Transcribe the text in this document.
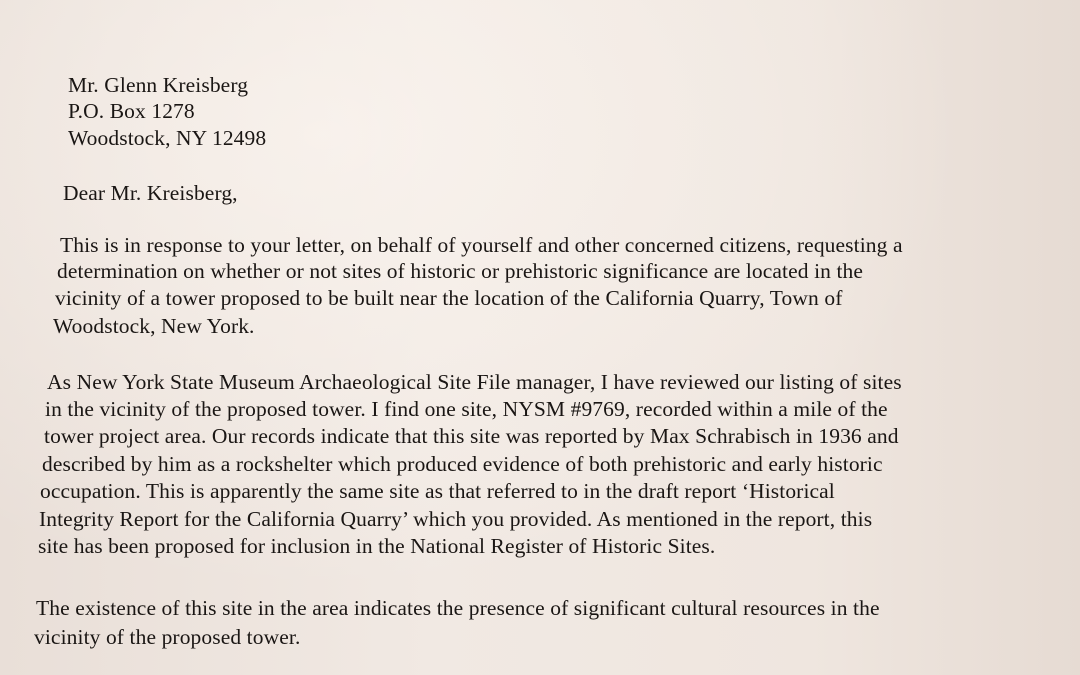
Mr. Glenn Kreisberg
P.O. Box 1278
Woodstock, NY 12498
Dear Mr. Kreisberg,
This is in response to your letter, on behalf of yourself and other concerned citizens, requesting a
determination on whether or not sites of historic or prehistoric significance are located in the
vicinity of a tower proposed to be built near the location of the California Quarry, Town of
Woodstock, New York.
As New York State Museum Archaeological Site File manager, I have reviewed our listing of sites
in the vicinity of the proposed tower. I find one site, NYSM #9769, recorded within a mile of the
tower project area. Our records indicate that this site was reported by Max Schrabisch in 1936 and
described by him as a rockshelter which produced evidence of both prehistoric and early historic
occupation. This is apparently the same site as that referred to in the draft report ‘Historical
Integrity Report for the California Quarry’ which you provided. As mentioned in the report, this
site has been proposed for inclusion in the National Register of Historic Sites.
The existence of this site in the area indicates the presence of significant cultural resources in the
vicinity of the proposed tower.
